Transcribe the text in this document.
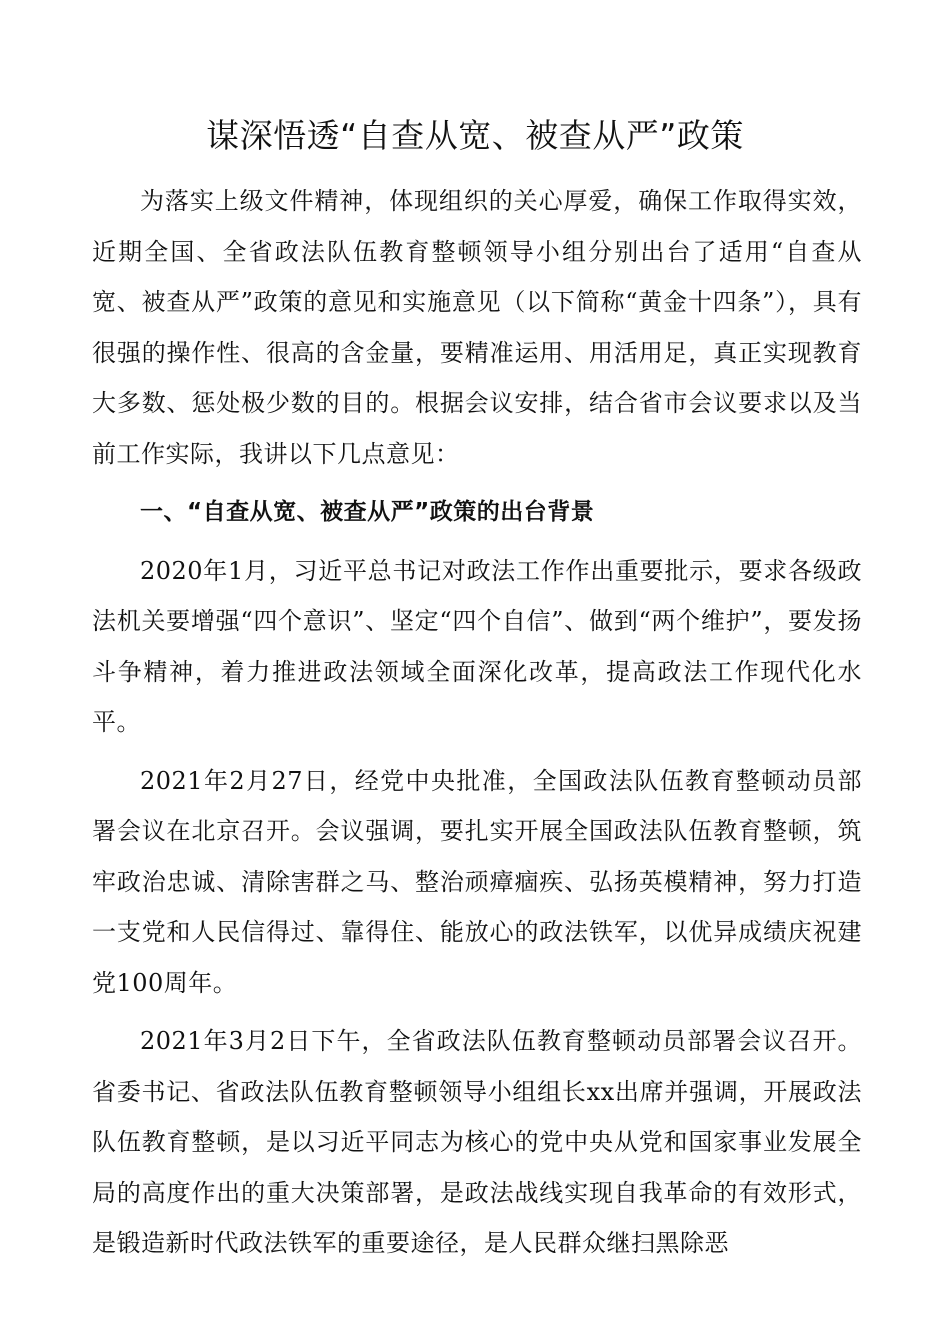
谋深悟透“自查从宽、被查从严”政策

为落实上级文件精神，体现组织的关心厚爱，确保工作取得实效，近期全国、全省政法队伍教育整顿领导小组分别出台了适用“自查从宽、被查从严”政策的意见和实施意见（以下简称“黄金十四条”），具有很强的操作性、很高的含金量，要精准运用、用活用足，真正实现教育大多数、惩处极少数的目的。根据会议安排，结合省市会议要求以及当前工作实际，我讲以下几点意见：

一、“自查从宽、被查从严”政策的出台背景

2020年1月，习近平总书记对政法工作作出重要批示，要求各级政法机关要增强“四个意识”、坚定“四个自信”、做到“两个维护”，要发扬斗争精神，着力推进政法领域全面深化改革，提高政法工作现代化水平。

2021年2月27日，经党中央批准，全国政法队伍教育整顿动员部署会议在北京召开。会议强调，要扎实开展全国政法队伍教育整顿，筑牢政治忠诚、清除害群之马、整治顽瘴痼疾、弘扬英模精神，努力打造一支党和人民信得过、靠得住、能放心的政法铁军，以优异成绩庆祝建党100周年。

2021年3月2日下午，全省政法队伍教育整顿动员部署会议召开。省委书记、省政法队伍教育整顿领导小组组长xx出席并强调，开展政法队伍教育整顿，是以习近平同志为核心的党中央从党和国家事业发展全局的高度作出的重大决策部署，是政法战线实现自我革命的有效形式，是锻造新时代政法铁军的重要途径，是人民群众继扫黑除恶
